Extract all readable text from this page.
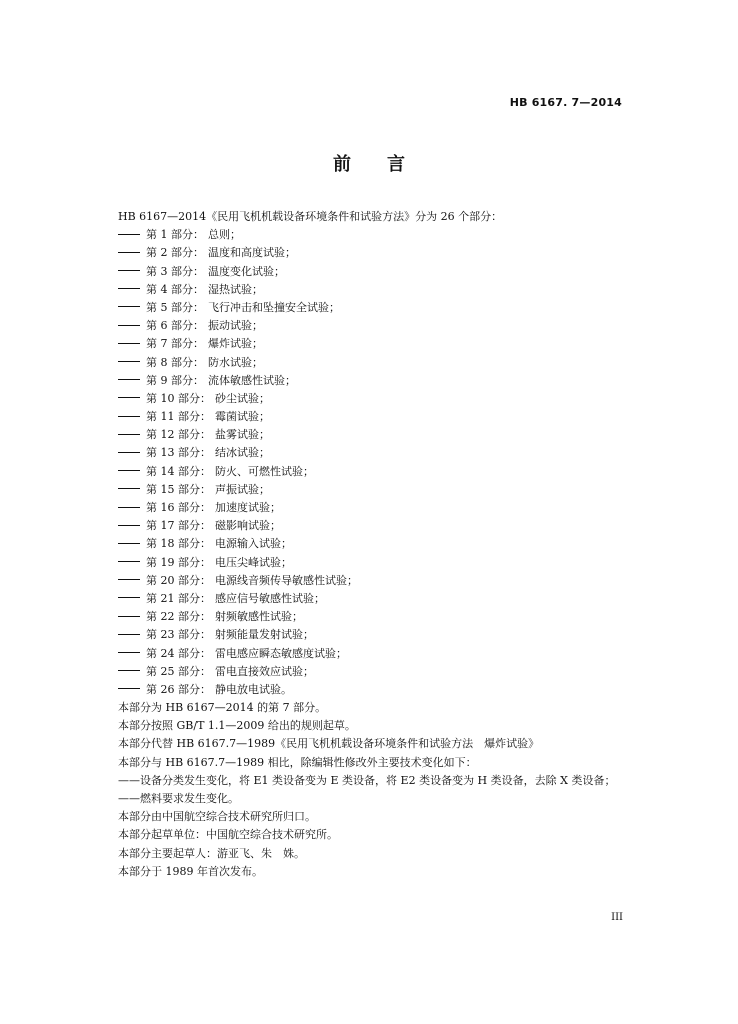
HB 6167. 7—2014
前言
HB 6167—2014《民用飞机机载设备环境条件和试验方法》分为 26 个部分：
第 1 部分： 总则；
第 2 部分： 温度和高度试验；
第 3 部分： 温度变化试验；
第 4 部分： 湿热试验；
第 5 部分： 飞行冲击和坠撞安全试验；
第 6 部分： 振动试验；
第 7 部分： 爆炸试验；
第 8 部分： 防水试验；
第 9 部分： 流体敏感性试验；
第 10 部分： 砂尘试验；
第 11 部分： 霉菌试验；
第 12 部分： 盐雾试验；
第 13 部分： 结冰试验；
第 14 部分： 防火、可燃性试验；
第 15 部分： 声振试验；
第 16 部分： 加速度试验；
第 17 部分： 磁影响试验；
第 18 部分： 电源输入试验；
第 19 部分： 电压尖峰试验；
第 20 部分： 电源线音频传导敏感性试验；
第 21 部分： 感应信号敏感性试验；
第 22 部分： 射频敏感性试验；
第 23 部分： 射频能量发射试验；
第 24 部分： 雷电感应瞬态敏感度试验；
第 25 部分： 雷电直接效应试验；
第 26 部分： 静电放电试验。
本部分为 HB 6167—2014 的第 7 部分。
本部分按照 GB/T 1.1—2009 给出的规则起草。
本部分代替 HB 6167.7—1989《民用飞机机载设备环境条件和试验方法　爆炸试验》
本部分与 HB 6167.7—1989 相比，除编辑性修改外主要技术变化如下：
——设备分类发生变化，将 E1 类设备变为 E 类设备，将 E2 类设备变为 H 类设备，去除 X 类设备；
——燃料要求发生变化。
本部分由中国航空综合技术研究所归口。
本部分起草单位：中国航空综合技术研究所。
本部分主要起草人：游亚飞、朱　姝。
本部分于 1989 年首次发布。
III
